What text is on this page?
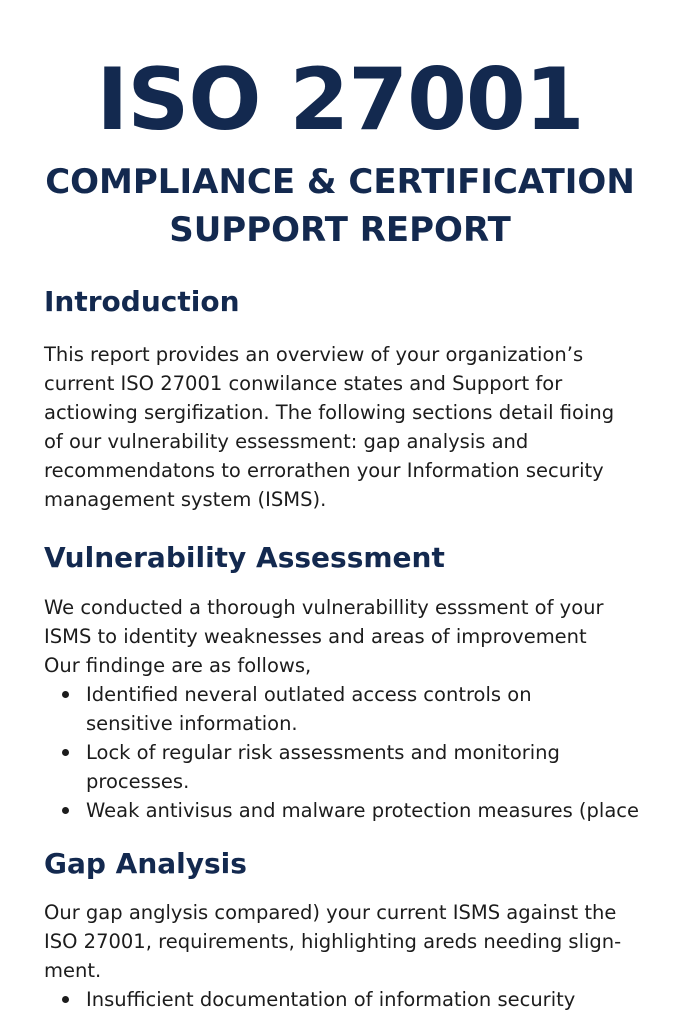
ISO 27001
COMPLIANCE & CERTIFICATION
SUPPORT REPORT
Introduction

This report provides an overview of your organization’s
current ISO 27001 conwilance states and Support for
actiowing sergifization. The following sections detail fioing
of our vulnerability essessment: gap analysis and
recommendatons to errorathen your Information security
management system (ISMS).

Vulnerability Assessment

We conducted a thorough vulnerabillity esssment of your
ISMS to identity weaknesses and areas of improvement
Our findinge are as follows,

Identified neveral outlated access controls on
sensitive information.
Lock of regular risk assessments and monitoring
processes.
Weak antivisus and malware protection measures (place
Gap Analysis

Our gap anglysis compared) your current ISMS against the
ISO 27001, requirements, highlighting areds needing slign-
ment.

Insufficient documentation of information security
